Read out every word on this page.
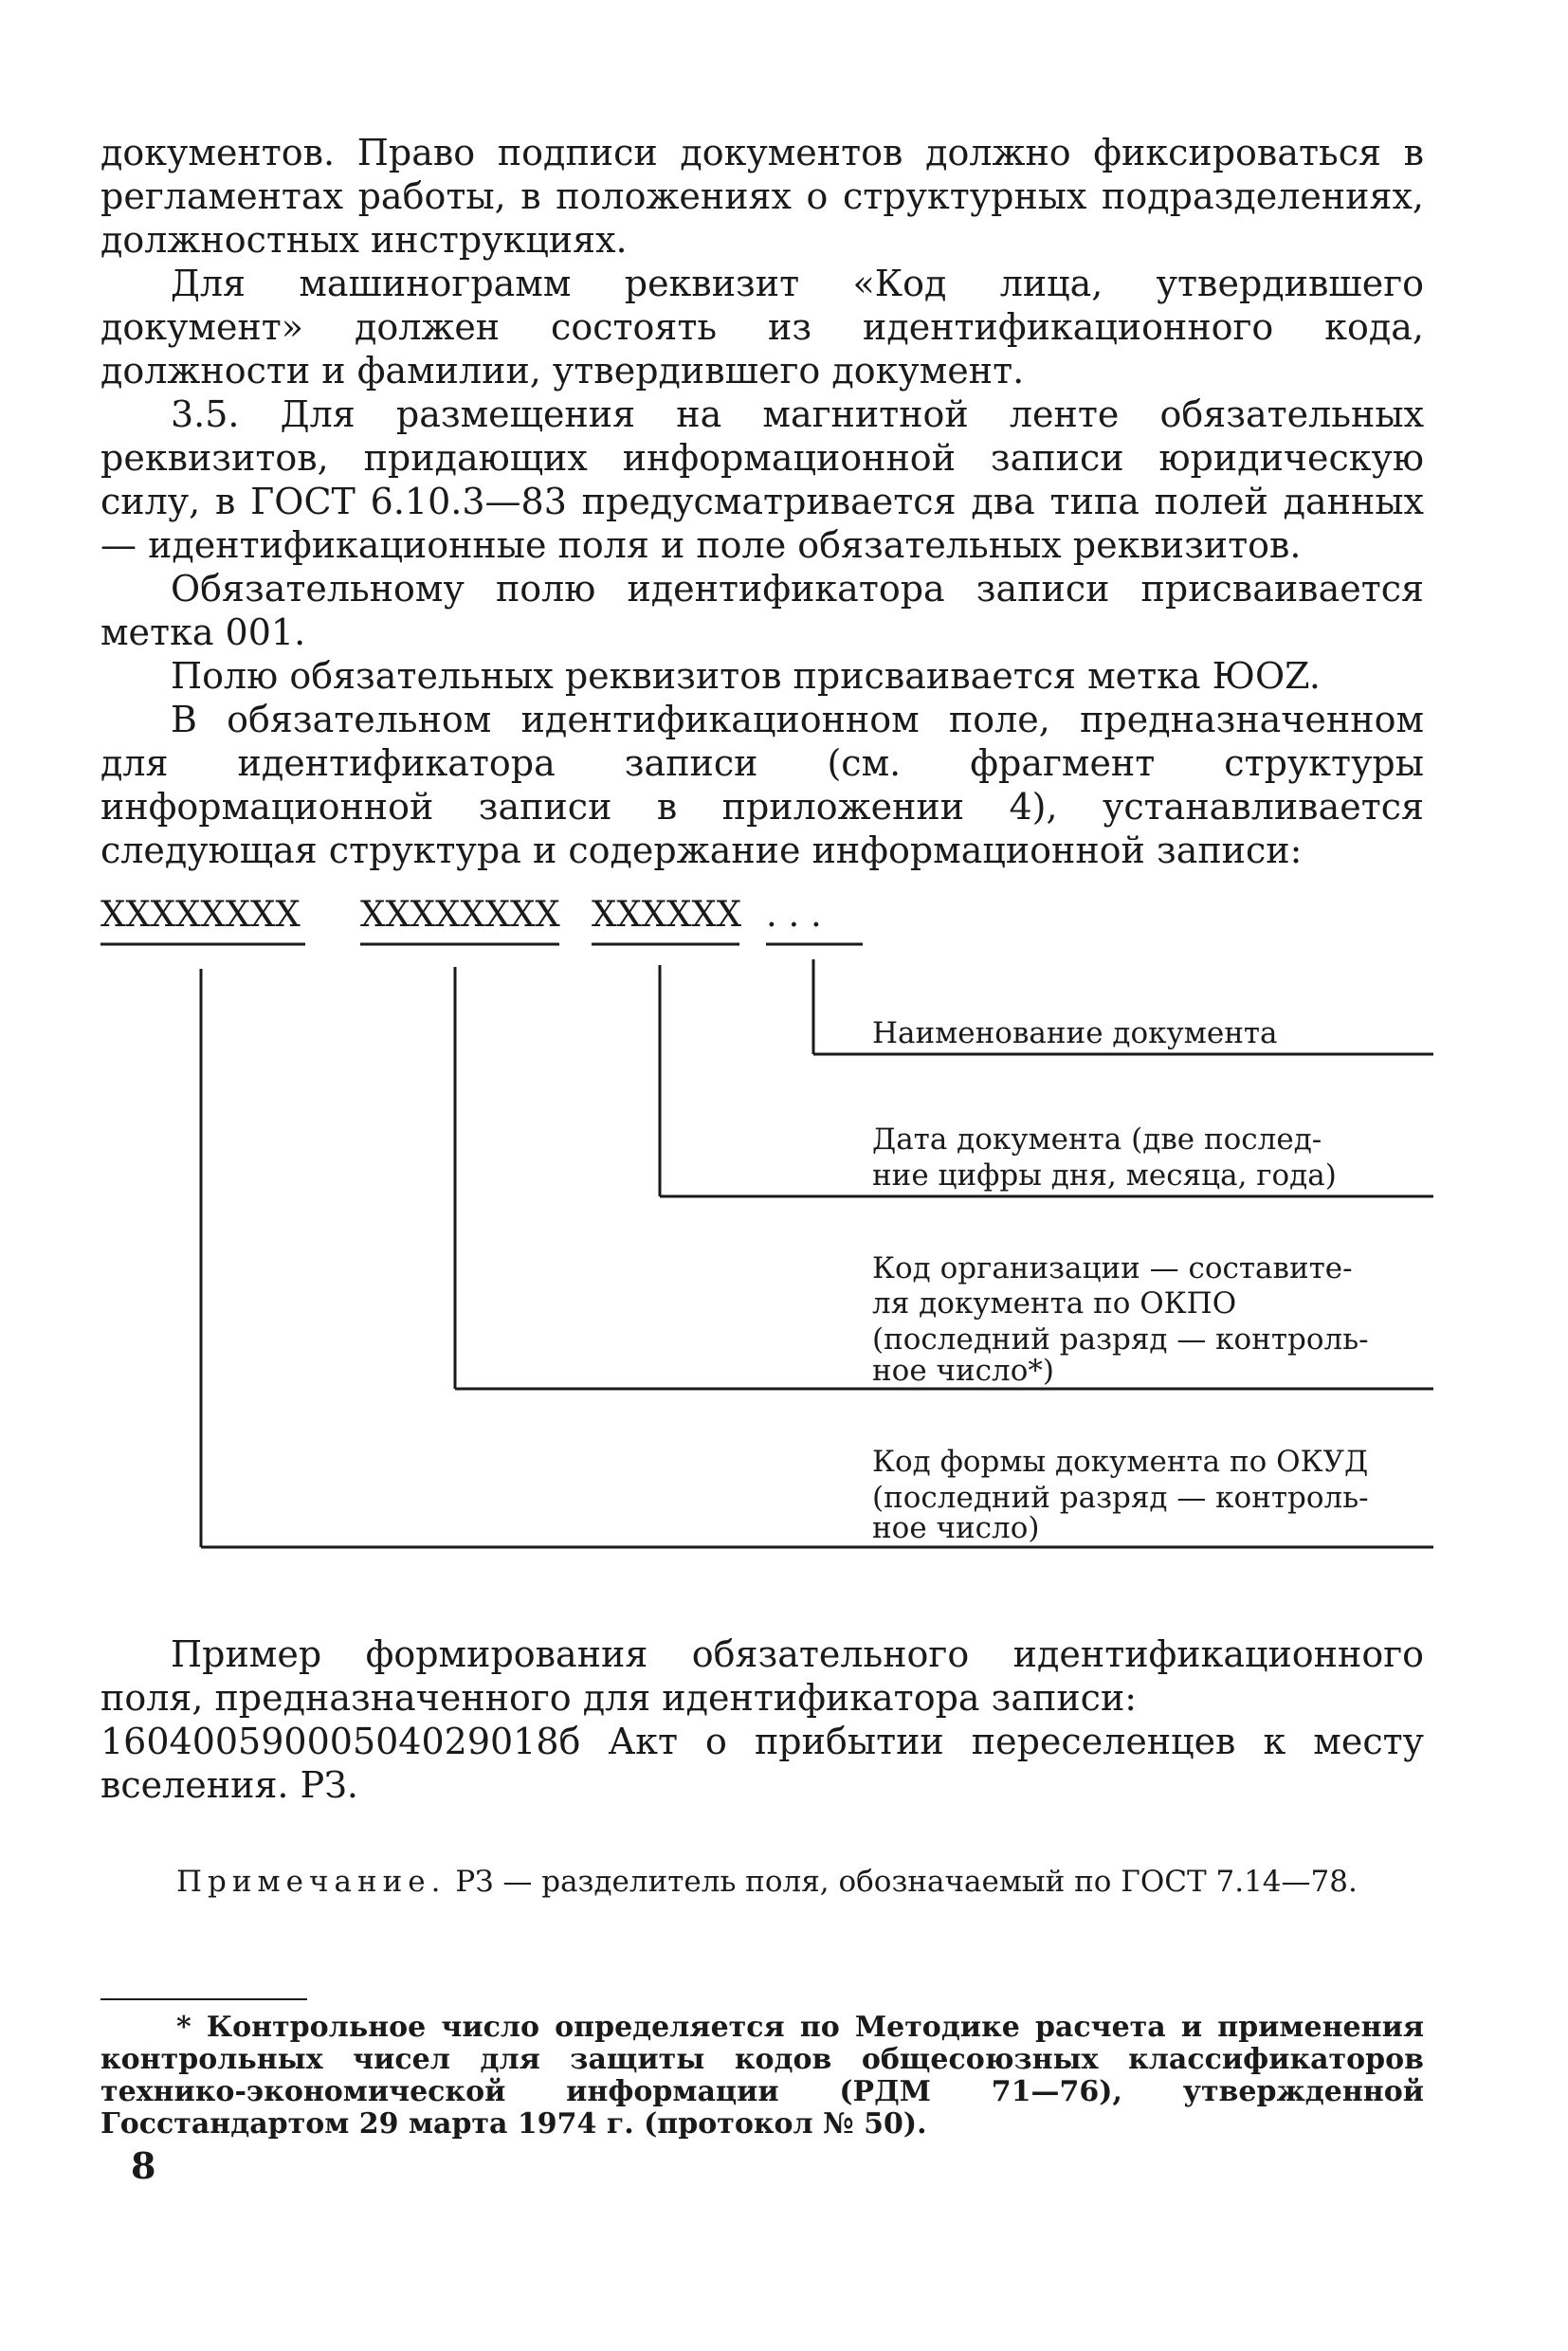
документов. Право подписи документов должно фиксироваться в регламентах работы, в положениях о структурных подразделениях, должностных инструкциях.

Для машинограмм реквизит «Код лица, утвердившего документ» должен состоять из идентификационного кода, должности и фамилии, утвердившего документ.

3.5. Для размещения на магнитной ленте обязательных реквизитов, придающих информационной записи юридическую силу, в ГОСТ 6.10.3—83 предусматривается два типа полей данных — идентификационные поля и поле обязательных реквизитов.

Обязательному полю идентификатора записи присваивается метка 001.

Полю обязательных реквизитов присваивается метка ЮОZ.

В обязательном идентификационном поле, предназначенном для идентификатора записи (см. фрагмент структуры информационной записи в приложении 4), устанавливается следующая структура и содержание информационной записи:

XXXXXXXX XXXXXXXX XXXXXX . . .
Наименование документа
Дата документа (две послед- ние цифры дня, месяца, года)
Код организации — составите- ля документа по ОКПО (последний разряд — контроль- ное число*)
Код формы документа по ОКУД (последний разряд — контроль- ное число)

Пример формирования обязательного идентификационного поля, предназначенного для идентификатора записи:

16040059000504029018б Акт о прибытии переселенцев к месту вселения. РЗ.

Примечание. РЗ — разделитель поля, обозначаемый по ГОСТ 7.14—78.

* Контрольное число определяется по Методике расчета и применения контрольных чисел для защиты кодов общесоюзных классификаторов технико-экономической информации (РДМ 71—76), утвержденной Госстандартом 29 марта 1974 г. (протокол № 50).

8
